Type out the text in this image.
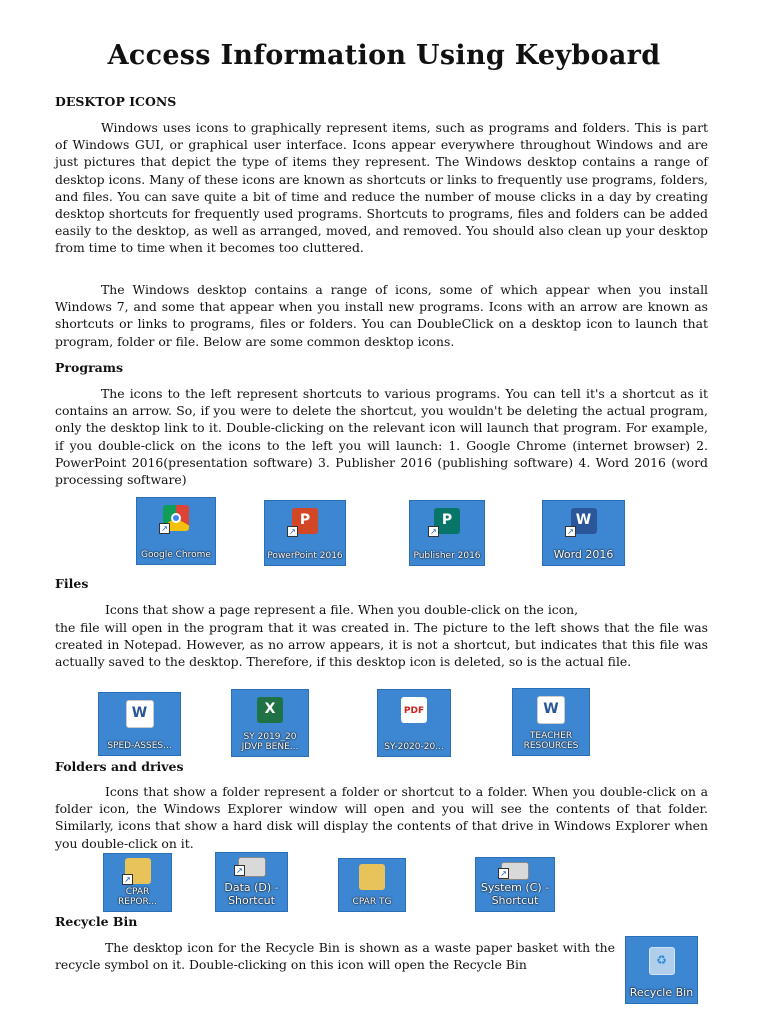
Access Information Using Keyboard
DESKTOP ICONS

Windows uses icons to graphically represent items, such as programs and folders. This is part of Windows GUI, or graphical user interface. Icons appear everywhere throughout Windows and are just pictures that depict the type of items they represent. The Windows desktop contains a range of desktop icons. Many of these icons are known as shortcuts or links to frequently use programs, folders, and files. You can save quite a bit of time and reduce the number of mouse clicks in a day by creating desktop shortcuts for frequently used programs. Shortcuts to programs, files and folders can be added easily to the desktop, as well as arranged, moved, and removed. You should also clean up your desktop from time to time when it becomes too cluttered.

The Windows desktop contains a range of icons, some of which appear when you install Windows 7, and some that appear when you install new programs. Icons with an arrow are known as shortcuts or links to programs, files or folders. You can DoubleClick on a desktop icon to launch that program, folder or file. Below are some common desktop icons.

Programs

The icons to the left represent shortcuts to various programs. You can tell it's a shortcut as it contains an arrow. So, if you were to delete the shortcut, you wouldn't be deleting the actual program, only the desktop link to it. Double-clicking on the relevant icon will launch that program. For example, if you double-click on the icons to the left you will launch: 1. Google Chrome (internet browser) 2. PowerPoint 2016(presentation software) 3. Publisher 2016 (publishing software) 4. Word 2016 (word processing software)

↗
Google Chrome
P
↗
PowerPoint 2016
P
↗
Publisher 2016
W
↗
Word 2016
Files

Icons that show a page represent a file. When you double-click on the icon,

the file will open in the program that it was created in. The picture to the left shows that the file was created in Notepad. However, as no arrow appears, it is not a shortcut, but indicates that this file was actually saved to the desktop. Therefore, if this desktop icon is deleted, so is the actual file.

W
SPED-ASSES...
X
SY 2019_20 JDVP BENE...
PDF
SY-2020-20...
W
TEACHER RESOURCES
Folders and drives

Icons that show a folder represent a folder or shortcut to a folder. When you double-click on a folder icon, the Windows Explorer window will open and you will see the contents of that folder. Similarly, icons that show a hard disk will display the contents of that drive in Windows Explorer when you double-click on it.

↗
CPAR REPOR...
↗
Data (D) - Shortcut	CPAR TG
↗
System (C) - Shortcut
Recycle Bin

The desktop icon for the Recycle Bin is shown as a waste paper basket with the recycle symbol on it. Double-clicking on this icon will open the Recycle Bin	♻
Recycle Bin
